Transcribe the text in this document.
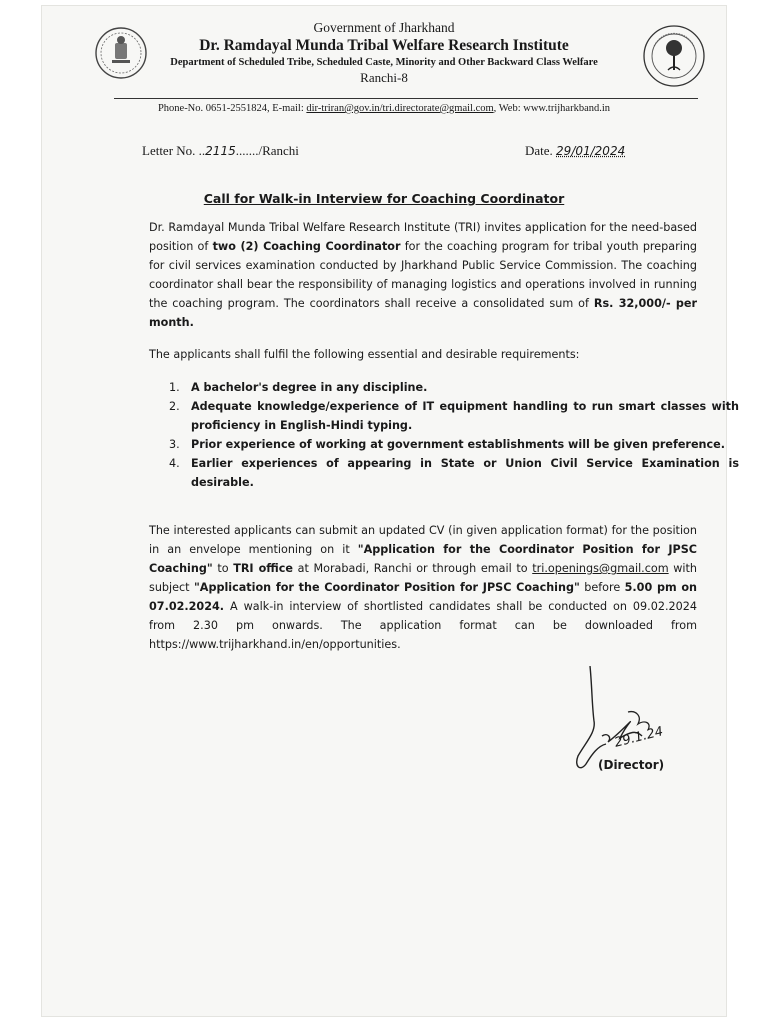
Government of Jharkhand
Dr. Ramdayal Munda Tribal Welfare Research Institute
Department of Scheduled Tribe, Scheduled Caste, Minority and Other Backward Class Welfare
Ranchi-8
Phone-No. 0651-2551824, E-mail: dir-triran@gov.in/tri.directorate@gmail.com, Web: www.trijharkband.in
Letter No. ..2115......./Ranchi	Date. 29/01/2024
Call for Walk-in Interview for Coaching Coordinator
Dr. Ramdayal Munda Tribal Welfare Research Institute (TRI) invites application for the need-based position of two (2) Coaching Coordinator for the coaching program for tribal youth preparing for civil services examination conducted by Jharkhand Public Service Commission. The coaching coordinator shall bear the responsibility of managing logistics and operations involved in running the coaching program. The coordinators shall receive a consolidated sum of Rs. 32,000/- per month.
The applicants shall fulfil the following essential and desirable requirements:
1. A bachelor's degree in any discipline.
2. Adequate knowledge/experience of IT equipment handling to run smart classes with proficiency in English-Hindi typing.
3. Prior experience of working at government establishments will be given preference.
4. Earlier experiences of appearing in State or Union Civil Service Examination is desirable.
The interested applicants can submit an updated CV (in given application format) for the position in an envelope mentioning on it "Application for the Coordinator Position for JPSC Coaching" to TRI office at Morabadi, Ranchi or through email to tri.openings@gmail.com with subject "Application for the Coordinator Position for JPSC Coaching" before 5.00 pm on 07.02.2024. A walk-in interview of shortlisted candidates shall be conducted on 09.02.2024 from 2.30 pm onwards. The application format can be downloaded from https://www.trijharkhand.in/en/opportunities.
29.1.24
(Director)
